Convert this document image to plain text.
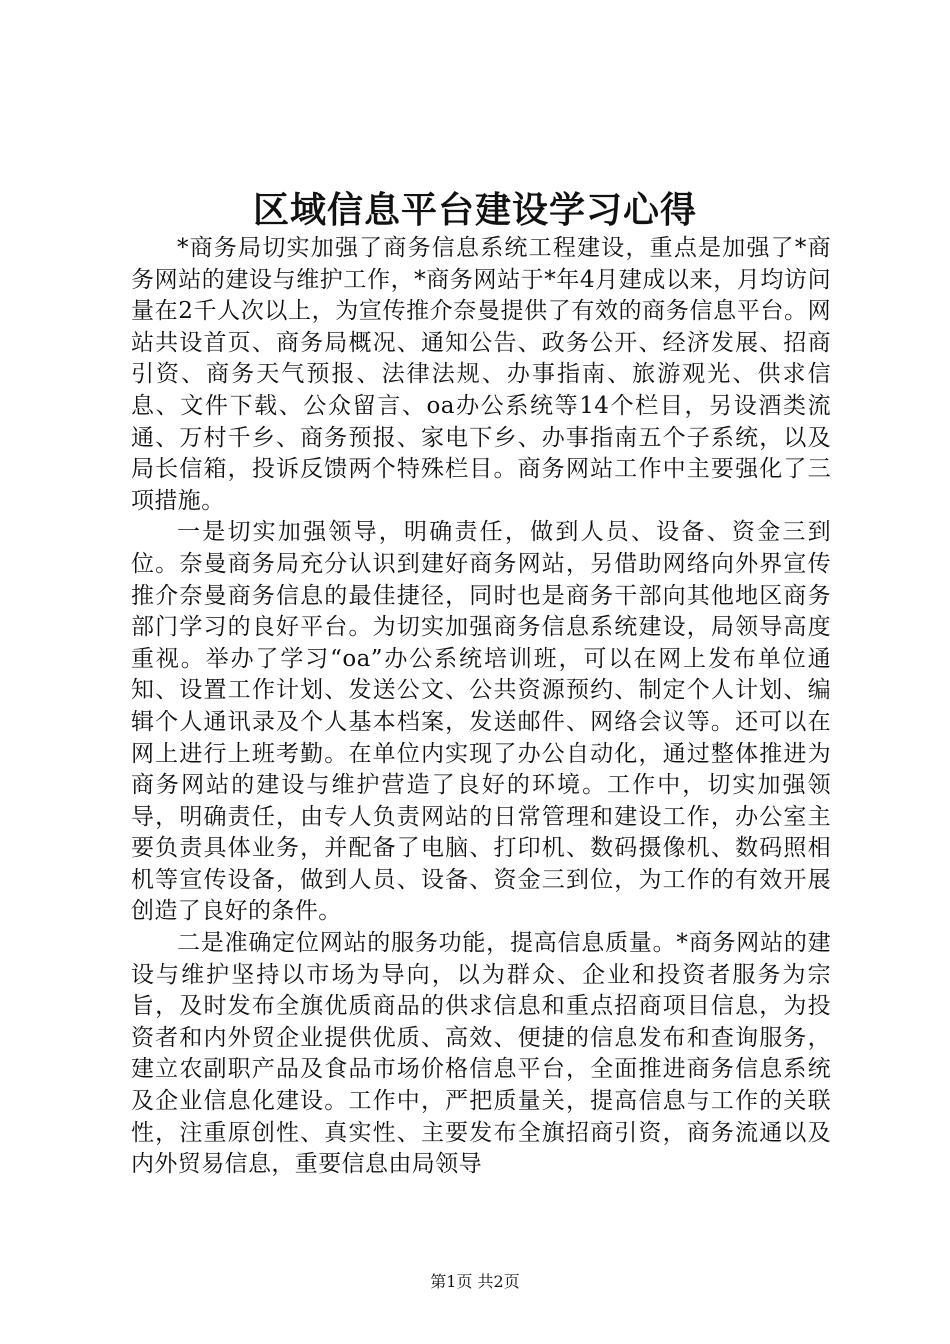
区域信息平台建设学习心得

*商务局切实加强了商务信息系统工程建设，重点是加强了*商务网站的建设与维护工作，*商务网站于*年4月建成以来，月均访问量在2千人次以上，为宣传推介奈曼提供了有效的商务信息平台。网站共设首页、商务局概况、通知公告、政务公开、经济发展、招商引资、商务天气预报、法律法规、办事指南、旅游观光、供求信息、文件下载、公众留言、oa办公系统等14个栏目，另设酒类流通、万村千乡、商务预报、家电下乡、办事指南五个子系统，以及局长信箱，投诉反馈两个特殊栏目。商务网站工作中主要强化了三项措施。

一是切实加强领导，明确责任，做到人员、设备、资金三到位。奈曼商务局充分认识到建好商务网站，另借助网络向外界宣传推介奈曼商务信息的最佳捷径，同时也是商务干部向其他地区商务部门学习的良好平台。为切实加强商务信息系统建设，局领导高度重视。举办了学习“oa”办公系统培训班，可以在网上发布单位通知、设置工作计划、发送公文、公共资源预约、制定个人计划、编辑个人通讯录及个人基本档案，发送邮件、网络会议等。还可以在网上进行上班考勤。在单位内实现了办公自动化，通过整体推进为商务网站的建设与维护营造了良好的环境。工作中，切实加强领导，明确责任，由专人负责网站的日常管理和建设工作，办公室主要负责具体业务，并配备了电脑、打印机、数码摄像机、数码照相机等宣传设备，做到人员、设备、资金三到位，为工作的有效开展创造了良好的条件。

二是准确定位网站的服务功能，提高信息质量。*商务网站的建设与维护坚持以市场为导向，以为群众、企业和投资者服务为宗旨，及时发布全旗优质商品的供求信息和重点招商项目信息，为投资者和内外贸企业提供优质、高效、便捷的信息发布和查询服务，建立农副职产品及食品市场价格信息平台，全面推进商务信息系统及企业信息化建设。工作中，严把质量关，提高信息与工作的关联性，注重原创性、真实性、主要发布全旗招商引资，商务流通以及内外贸易信息，重要信息由局领导

第1页 共2页
